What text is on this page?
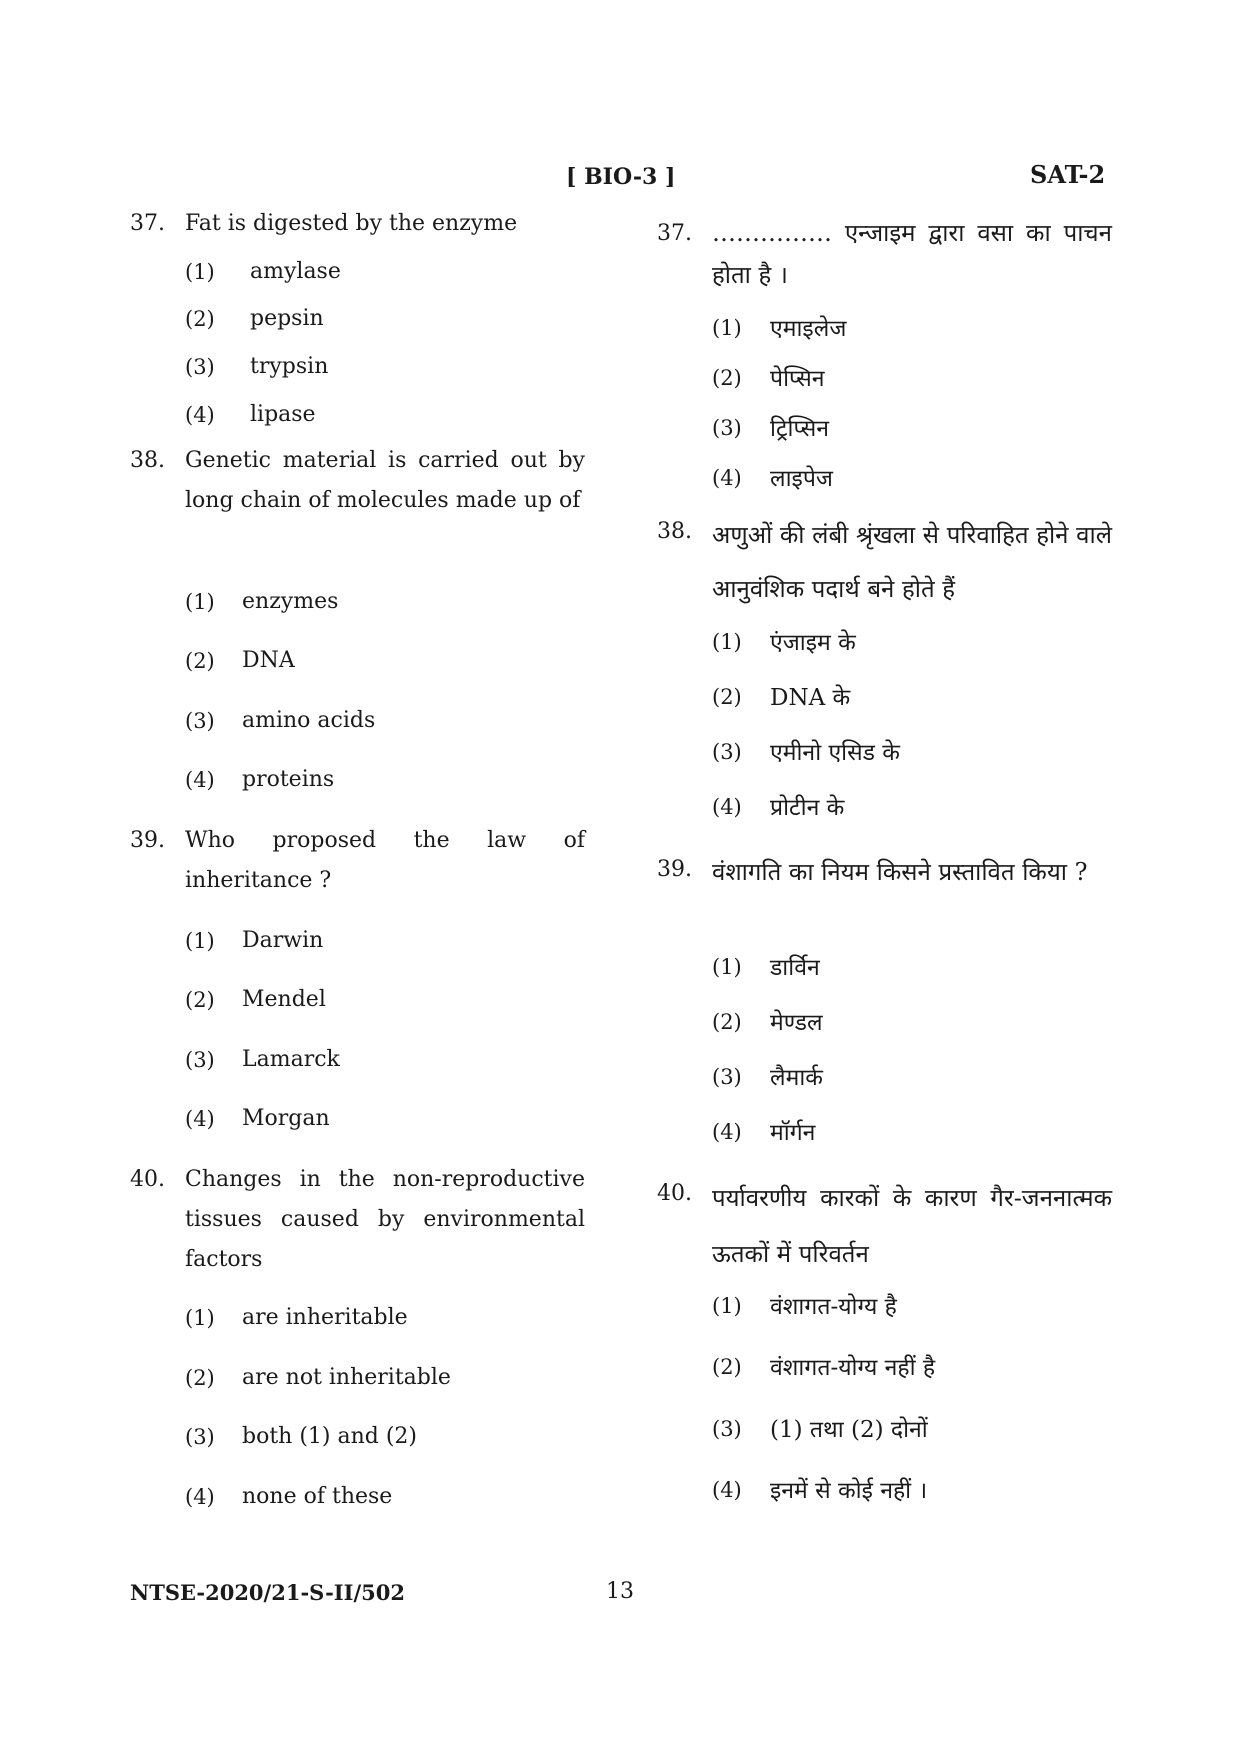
[ BIO-3 ]	SAT-2
37. Fat is digested by the enzyme
(1) amylase
(2) pepsin
(3) trypsin
(4) lipase
38. Genetic material is carried out by long chain of molecules made up of
(1) enzymes
(2) DNA
(3) amino acids
(4) proteins
39. Who proposed the law of inheritance ?
(1) Darwin
(2) Mendel
(3) Lamarck
(4) Morgan
40. Changes in the non-reproductive tissues caused by environmental factors
(1) are inheritable
(2) are not inheritable
(3) both (1) and (2)
(4) none of these
37. …………… एन्जाइम द्वारा वसा का पाचन होता है ।
(1) एमाइलेज
(2) पेप्सिन
(3) ट्रिप्सिन
(4) लाइपेज
38. अणुओं की लंबी श्रृंखला से परिवाहित होने वाले आनुवंशिक पदार्थ बने होते हैं
(1) एंजाइम के
(2) DNA के
(3) एमीनो एसिड के
(4) प्रोटीन के
39. वंशागति का नियम किसने प्रस्तावित किया ?
(1) डार्विन
(2) मेण्डल
(3) लैमार्क
(4) मॉर्गन
40. पर्यावरणीय कारकों के कारण गैर-जननात्मक ऊतकों में परिवर्तन
(1) वंशागत-योग्य है
(2) वंशागत-योग्य नहीं है
(3) (1) तथा (2) दोनों
(4) इनमें से कोई नहीं ।
NTSE-2020/21-S-II/502	13
